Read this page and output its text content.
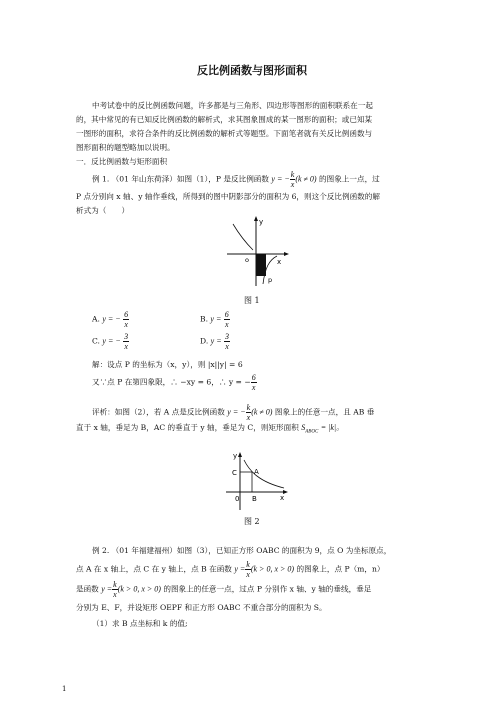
反比例函数与图形面积
中考试卷中的反比例函数问题，许多都是与三角形、四边形等图形的面积联系在一起
的，其中常见的有已知反比例函数的解析式，求其图象围成的某一图形的面积；或已知某
一图形的面积，求符合条件的反比例函数的解析式等题型。下面笔者就有关反比例函数与
图形面积的题型略加以说明。
一．反比例函数与矩形面积
例 1. （01 年山东荷泽）如图（1），P 是反比例函数 y = − $\frac{k}{x} (k \ne 0)$ 的图象上一点，过
P 点分别向 x 轴、y 轴作垂线，所得到的图中阴影部分的面积为 6，则这个反比例函数的解
析式为（　　）
y
o	x
p
图 1
A. y = − $\frac{6}{x}$	B. $y = \frac{6}{x}$
C. y = − $\frac{3}{x}$	D. $y = \frac{3}{x}$
解：设点 P 的坐标为（x，y），则 |x||y| = 6
又∵点 P 在第四象限，∴ −xy = 6，∴ y = − $\frac{6}{x}$
评析：如图（2），若 A 点是反比例函数 y = − $\frac{k}{x} (k \ne 0)$ 图象上的任意一点，且 AB 垂
直于 x 轴，垂足为 B，AC 的垂直于 y 轴，垂足为 C，则矩形面积 $S_{ABOC} = |k|$。
y
C A
0 B	x
图 2
例 2. （01 年福建福州）如图（3），已知正方形 OABC 的面积为 9，点 O 为坐标原点，
点 A 在 x 轴上，点 C 在 y 轴上，点 B 在函数 $y = \frac{k}{x} (k > 0$, x > 0) 的图象上，点 P（m，n）
是函数 $y = \frac{k}{x} (k > 0$, x > 0) 的图象上的任意一点，过点 P 分别作 x 轴、y 轴的垂线，垂足
分别为 E、F，并设矩形 OEPF 和正方形 OABC 不重合部分的面积为 S。
（1）求 B 点坐标和 k 的值;
1
